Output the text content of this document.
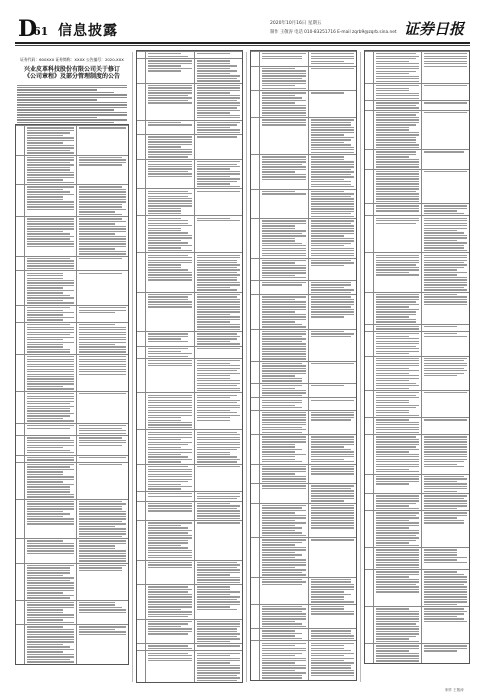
D
61 信息披露	2020年10月16日 星期五
制作 王敬涛 电话 010-83251716 E-mail zqrb9@zqrb.sina.net 证券日报
证券代码：600XXX 证券简称：XXXX 公告编号：2020-XXX
兴业皮革科技股份有限公司关于修订
《公司章程》及部分管理制度的公告
制作 王敬涛
